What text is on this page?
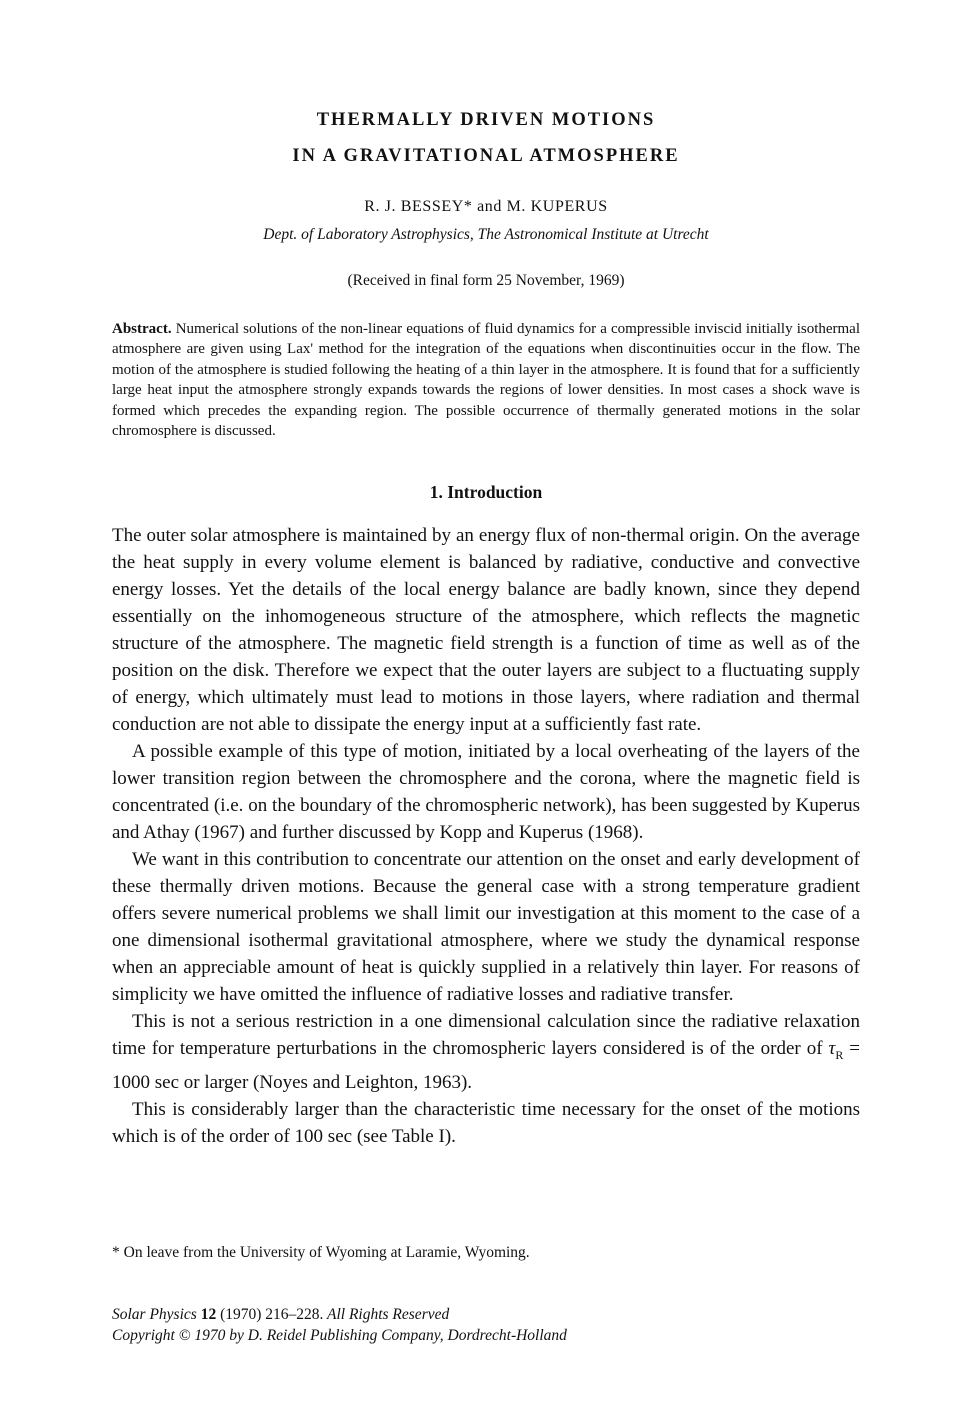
THERMALLY DRIVEN MOTIONS
IN A GRAVITATIONAL ATMOSPHERE
R. J. BESSEY* and M. KUPERUS
Dept. of Laboratory Astrophysics, The Astronomical Institute at Utrecht
(Received in final form 25 November, 1969)

Abstract. Numerical solutions of the non-linear equations of fluid dynamics for a compressible inviscid initially isothermal atmosphere are given using Lax' method for the integration of the equations when discontinuities occur in the flow. The motion of the atmosphere is studied following the heating of a thin layer in the atmosphere. It is found that for a sufficiently large heat input the atmosphere strongly expands towards the regions of lower densities. In most cases a shock wave is formed which precedes the expanding region. The possible occurrence of thermally generated motions in the solar chromosphere is discussed.

1. Introduction

The outer solar atmosphere is maintained by an energy flux of non-thermal origin. On the average the heat supply in every volume element is balanced by radiative, conductive and convective energy losses. Yet the details of the local energy balance are badly known, since they depend essentially on the inhomogeneous structure of the atmosphere, which reflects the magnetic structure of the atmosphere. The magnetic field strength is a function of time as well as of the position on the disk. Therefore we expect that the outer layers are subject to a fluctuating supply of energy, which ultimately must lead to motions in those layers, where radiation and thermal conduction are not able to dissipate the energy input at a sufficiently fast rate.

A possible example of this type of motion, initiated by a local overheating of the layers of the lower transition region between the chromosphere and the corona, where the magnetic field is concentrated (i.e. on the boundary of the chromospheric network), has been suggested by Kuperus and Athay (1967) and further discussed by Kopp and Kuperus (1968).

We want in this contribution to concentrate our attention on the onset and early development of these thermally driven motions. Because the general case with a strong temperature gradient offers severe numerical problems we shall limit our investigation at this moment to the case of a one dimensional isothermal gravitational atmosphere, where we study the dynamical response when an appreciable amount of heat is quickly supplied in a relatively thin layer. For reasons of simplicity we have omitted the influence of radiative losses and radiative transfer.

This is not a serious restriction in a one dimensional calculation since the radiative relaxation time for temperature perturbations in the chromospheric layers considered is of the order of $\tau_R = 1000$ sec or larger (Noyes and Leighton, 1963).

This is considerably larger than the characteristic time necessary for the onset of the motions which is of the order of 100 sec (see Table I).

* On leave from the University of Wyoming at Laramie, Wyoming.
Solar Physics 12 (1970) 216–228. All Rights Reserved
Copyright © 1970 by D. Reidel Publishing Company, Dordrecht-Holland
